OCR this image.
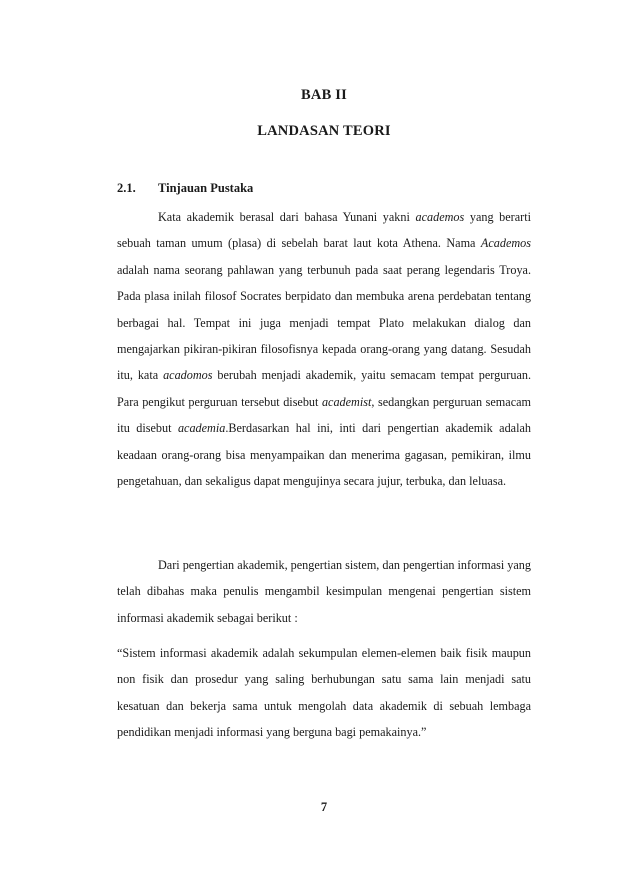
BAB II
LANDASAN TEORI
2.1. Tinjauan Pustaka
Kata akademik berasal dari bahasa Yunani yakni academos yang berarti sebuah taman umum (plasa) di sebelah barat laut kota Athena. Nama Academos adalah nama seorang pahlawan yang terbunuh pada saat perang legendaris Troya. Pada plasa inilah filosof Socrates berpidato dan membuka arena perdebatan tentang berbagai hal. Tempat ini juga menjadi tempat Plato melakukan dialog dan mengajarkan pikiran-pikiran filosofisnya kepada orang-orang yang datang. Sesudah itu, kata acadomos berubah menjadi akademik, yaitu semacam tempat perguruan. Para pengikut perguruan tersebut disebut academist, sedangkan perguruan semacam itu disebut academia.Berdasarkan hal ini, inti dari pengertian akademik adalah keadaan orang-orang bisa menyampaikan dan menerima gagasan, pemikiran, ilmu pengetahuan, dan sekaligus dapat mengujinya secara jujur, terbuka, dan leluasa.
Dari pengertian akademik, pengertian sistem, dan pengertian informasi yang telah dibahas maka penulis mengambil kesimpulan mengenai pengertian sistem informasi akademik sebagai berikut :
“Sistem informasi akademik adalah sekumpulan elemen-elemen baik fisik maupun non fisik dan prosedur yang saling berhubungan satu sama lain menjadi satu kesatuan dan bekerja sama untuk mengolah data akademik di sebuah lembaga pendidikan menjadi informasi yang berguna bagi pemakainya.”
7
